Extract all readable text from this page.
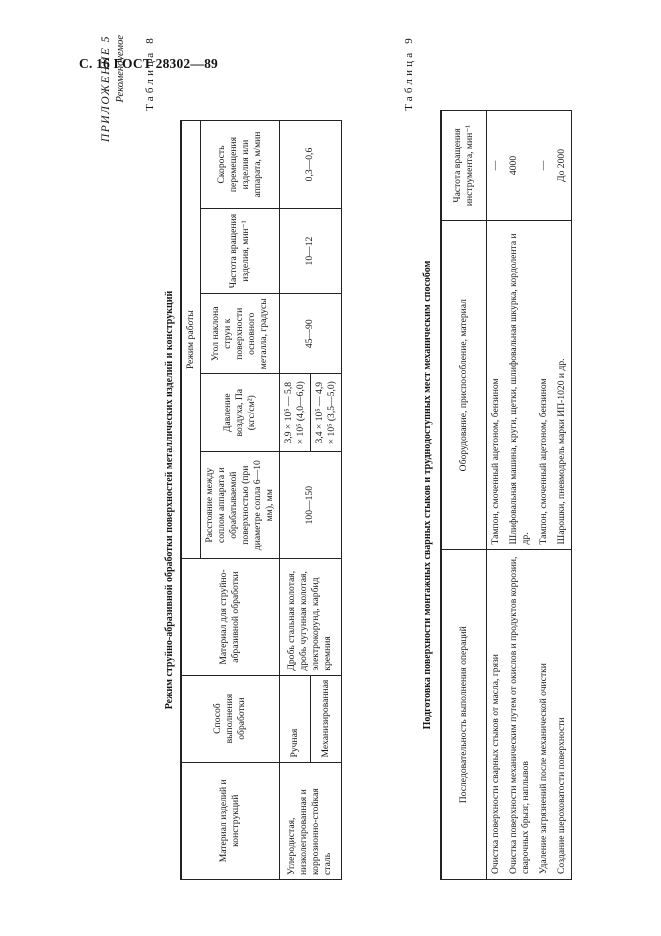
С. 16 ГОСТ 28302—89
ПРИЛОЖЕНИЕ 5 Рекомендуемое Таблица 8
Режим струйно-абразивной обработки поверхностей металлических изделий и конструкций
Материал изделий и конструкций	Способ выполнения обработки	Материал для струйно-абразивной обработки	Режим работы				
			Расстояние между соплом аппарата и обрабатываемой поверхностью (при диаметре сопла 6—10 мм), мм	Давление воздуха, Па (кгс/см²)	Угол наклона струи к поверхности основного металла, градусы	Частота вращения изделия, мин⁻¹	Скорость перемещения изделия или аппарата, м/мин
Углеродистая, низколегированная и коррозионно-стойкая сталь	Ручная	Дробь стальная колотая, дробь чугунная колотая, электрокорунд, карбид кремния	100—150	3,9 × 10⁵ — 5,8 × 10⁵ (4,0—6,0)	45—90	10—12	0,3—0,6
	Механизированная			3,4 × 10⁵ — 4,9 × 10⁵ (3,5—5,0)			
Таблица 9
Подготовка поверхности монтажных сварных стыков и труднодоступных мест механическим способом	Последовательность выполнения операций	Оборудование, приспособление, материал	Частота вращения инструмента, мин⁻¹
Очистка поверхности сварных стыков от масла, грязи	Тампон, смоченный ацетоном, бензином	—
Очистка поверхности механическим путем от окислов и продуктов коррозии, сварочных брызг, наплывов	Шлифовальная машина, круги, щетки, шлифовальная шкурка, кордолента и др.	4000
Удаление загрязнений после механической очистки	Тампон, смоченный ацетоном, бензином	—
Создание шероховатости поверхности	Шарошки, пневмодрель марки ИП-1020 и др.	До 2000
